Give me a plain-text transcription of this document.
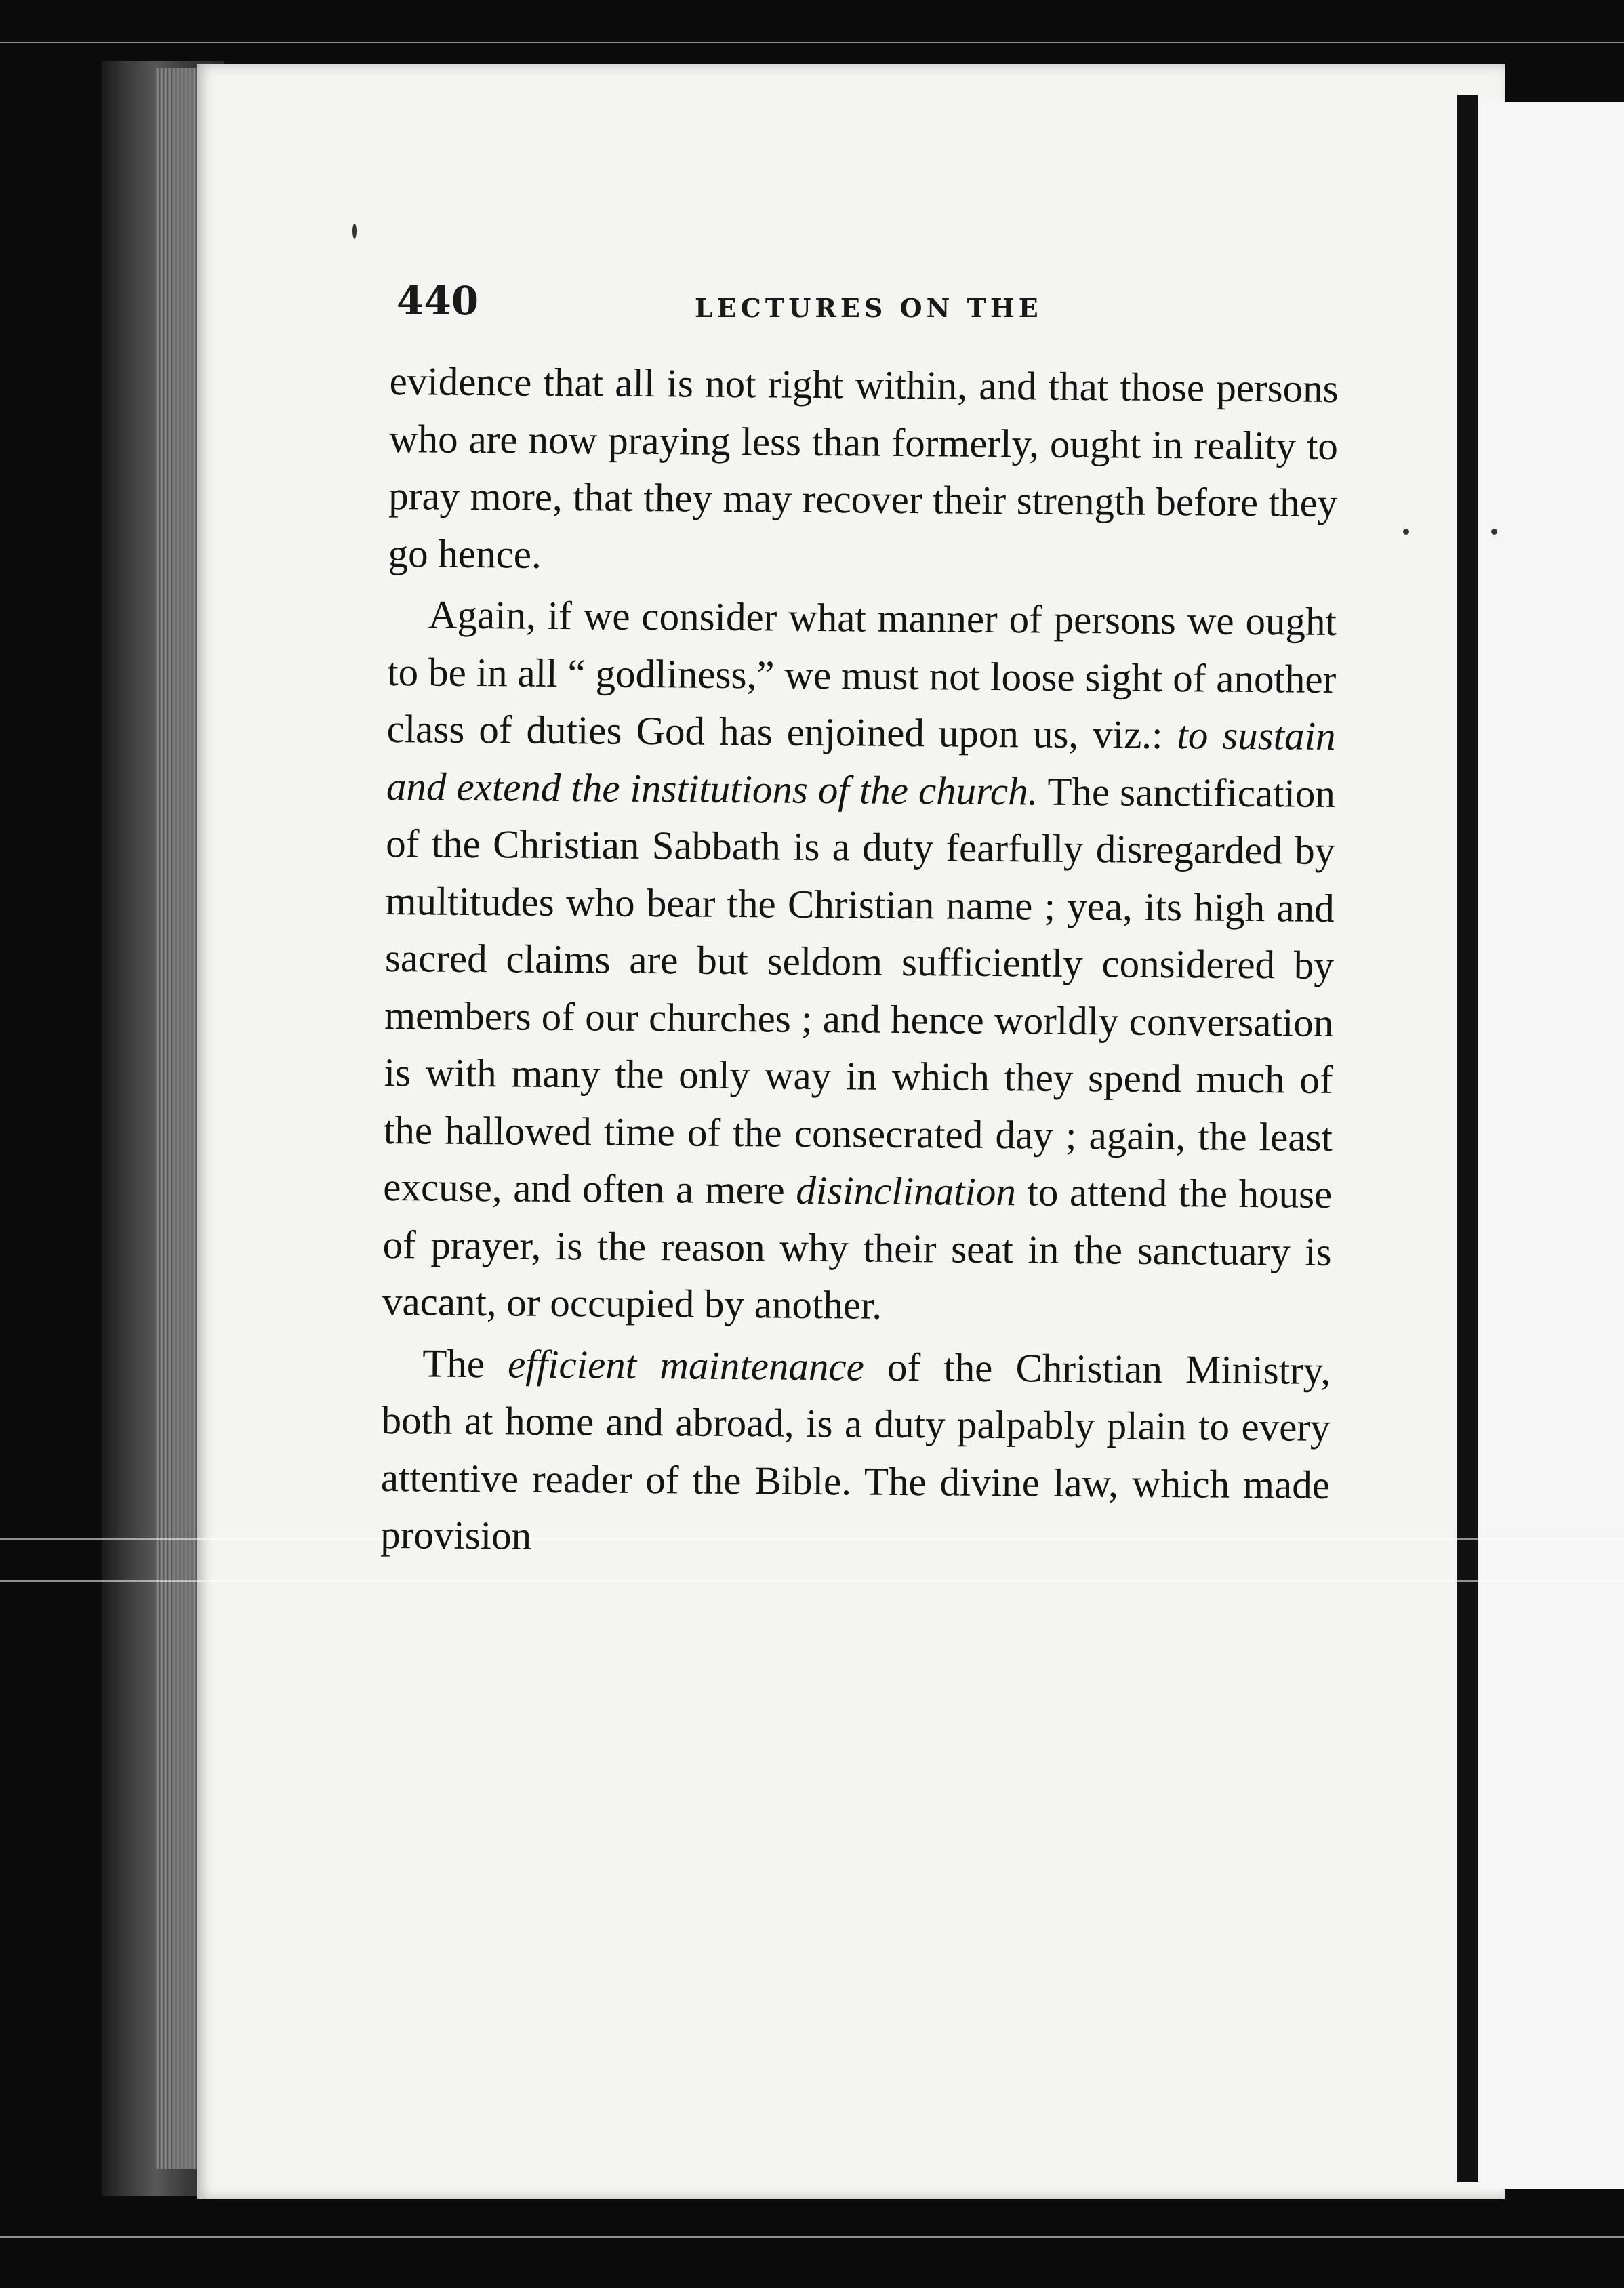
440	LECTURES ON THE

evidence that all is not right within, and that those persons who are now praying less than formerly, ought in reality to pray more, that they may recover their strength before they go hence.

Again, if we consider what manner of persons we ought to be in all “ godliness,” we must not loose sight of another class of duties God has enjoined upon us, viz.: to sustain and extend the institutions of the church. The sanctification of the Christian Sabbath is a duty fearfully disregarded by multitudes who bear the Christian name ; yea, its high and sacred claims are but seldom sufficiently considered by members of our churches ; and hence worldly conversation is with many the only way in which they spend much of the hallowed time of the consecrated day ; again, the least excuse, and often a mere disinclination to attend the house of prayer, is the reason why their seat in the sanctuary is vacant, or occupied by another.

The efficient maintenance of the Christian Ministry, both at home and abroad, is a duty palpably plain to every attentive reader of the Bible. The divine law, which made provision
